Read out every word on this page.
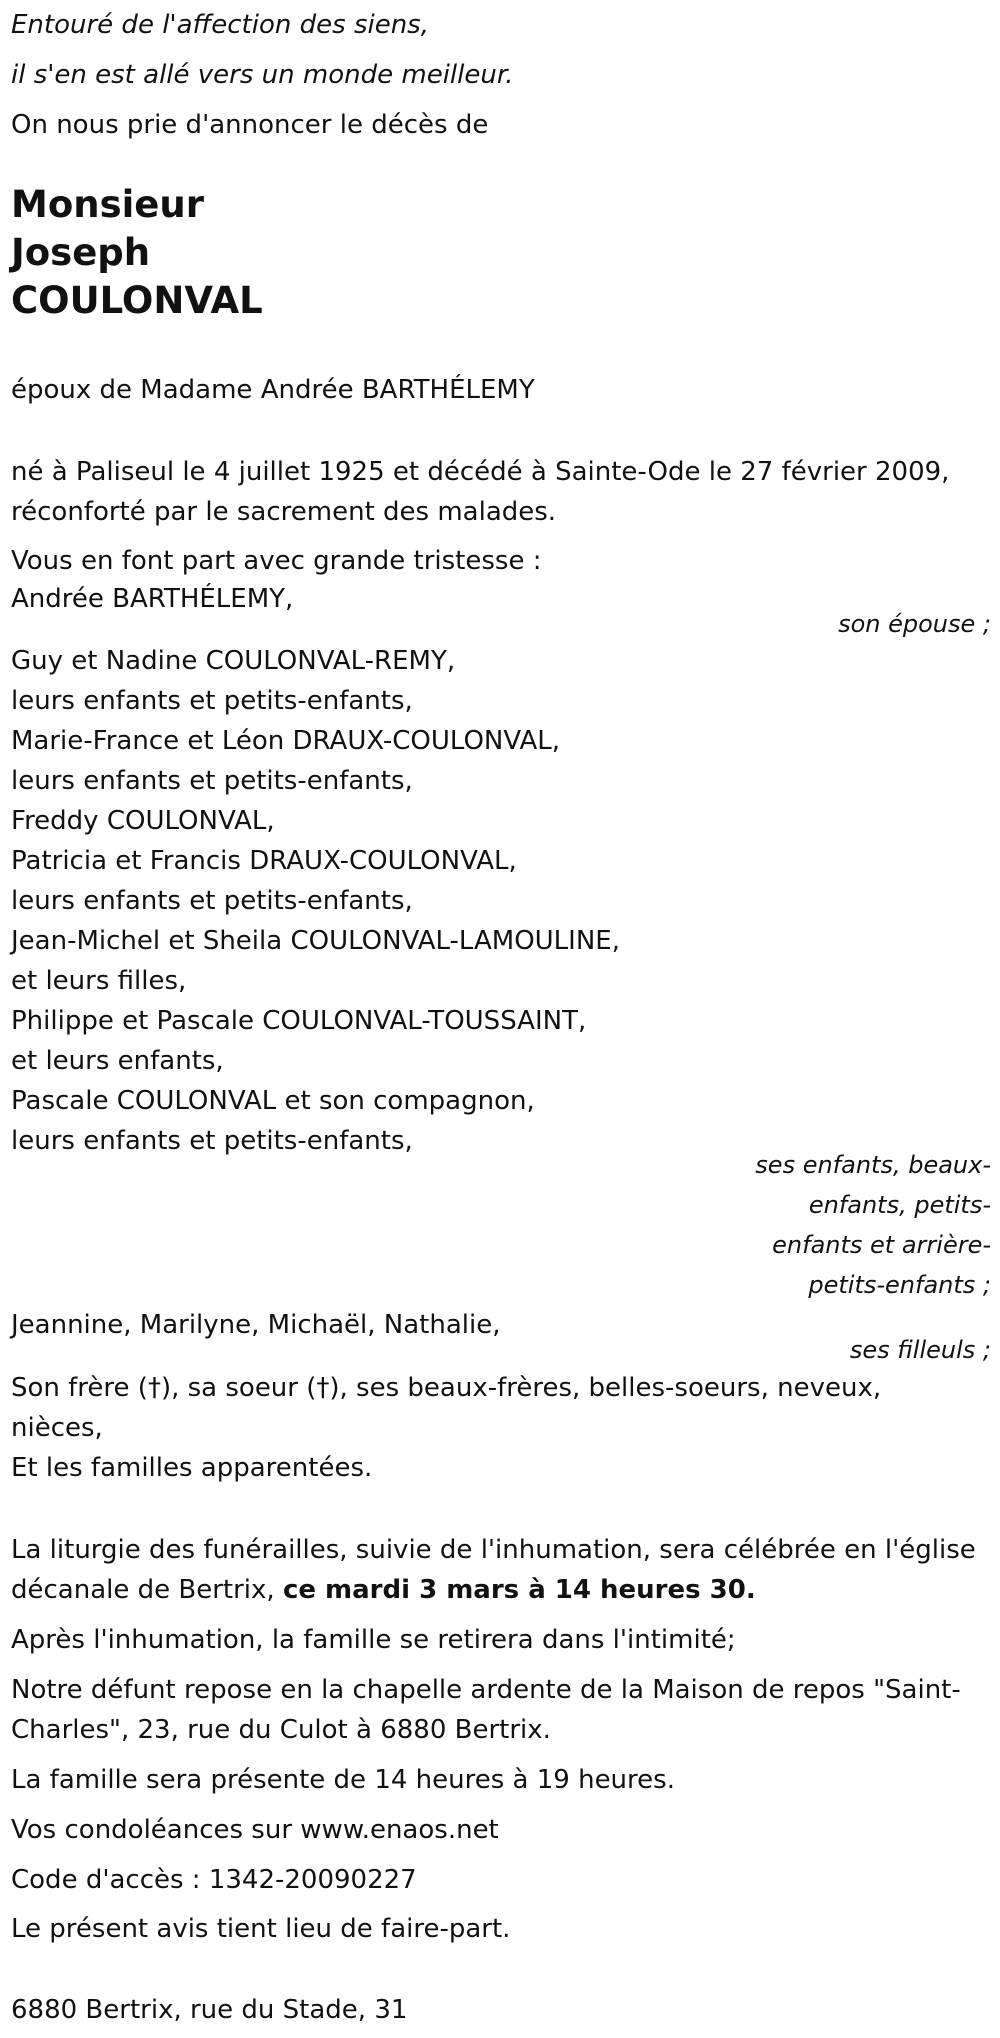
Entouré de l'affection des siens,
il s'en est allé vers un monde meilleur.
On nous prie d'annoncer le décès de
Monsieur
Joseph
COULONVAL
époux de Madame Andrée BARTHÉLEMY
né à Paliseul le 4 juillet 1925 et décédé à Sainte-Ode le 27 février 2009,
réconforté par le sacrement des malades.
Vous en font part avec grande tristesse :
Andrée BARTHÉLEMY,
son épouse ;
Guy et Nadine COULONVAL-REMY,
leurs enfants et petits-enfants,
Marie-France et Léon DRAUX-COULONVAL,
leurs enfants et petits-enfants,
Freddy COULONVAL,
Patricia et Francis DRAUX-COULONVAL,
leurs enfants et petits-enfants,
Jean-Michel et Sheila COULONVAL-LAMOULINE,
et leurs filles,
Philippe et Pascale COULONVAL-TOUSSAINT,
et leurs enfants,
Pascale COULONVAL et son compagnon,
leurs enfants et petits-enfants,
ses enfants, beaux-
enfants, petits-
enfants et arrière-
petits-enfants ;
Jeannine, Marilyne, Michaël, Nathalie,
ses filleuls ;
Son frère (†), sa soeur (†), ses beaux-frères, belles-soeurs, neveux,
nièces,
Et les familles apparentées.
La liturgie des funérailles, suivie de l'inhumation, sera célébrée en l'église
décanale de Bertrix, ce mardi 3 mars à 14 heures 30.
Après l'inhumation, la famille se retirera dans l'intimité;
Notre défunt repose en la chapelle ardente de la Maison de repos "Saint-
Charles", 23, rue du Culot à 6880 Bertrix.
La famille sera présente de 14 heures à 19 heures.
Vos condoléances sur www.enaos.net
Code d'accès : 1342-20090227
Le présent avis tient lieu de faire-part.
6880 Bertrix, rue du Stade, 31
